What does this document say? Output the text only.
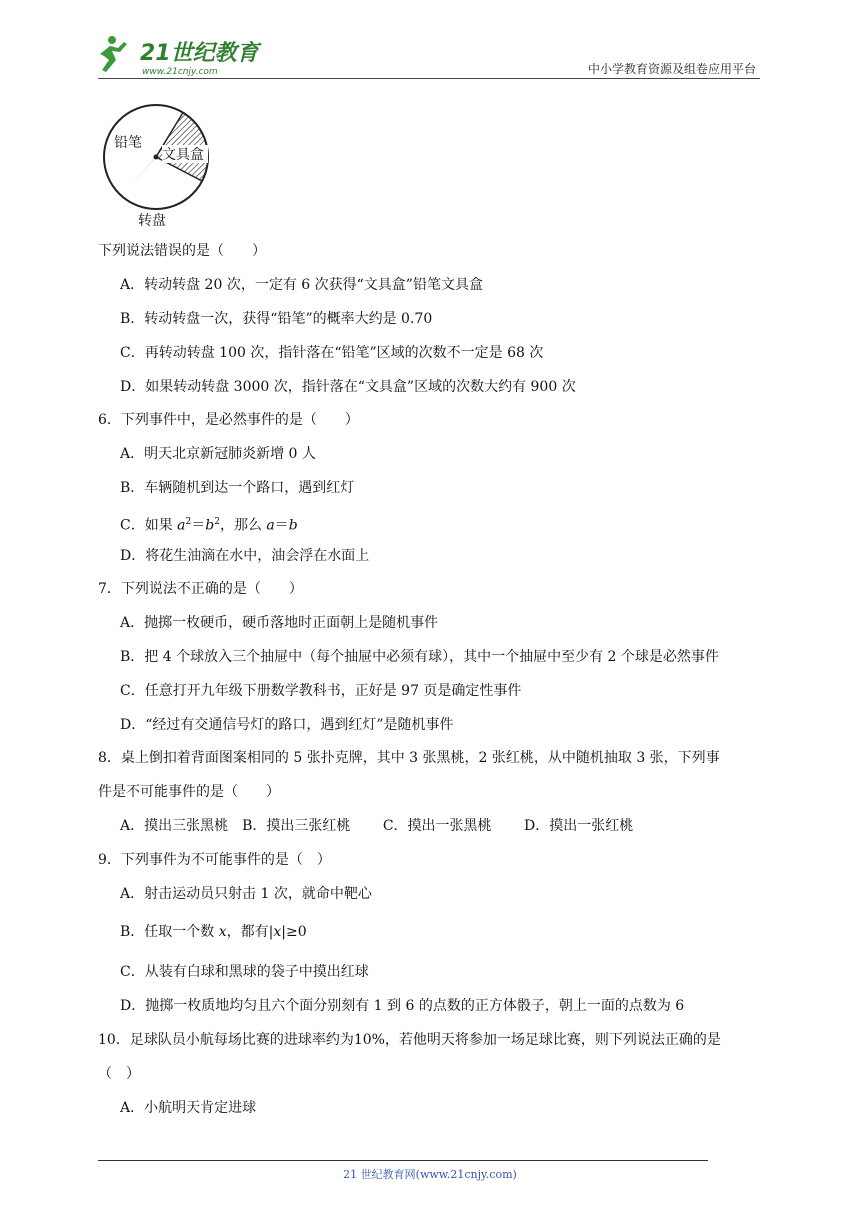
21世纪教育
www.21cnjy.com	中小学教育资源及组卷应用平台
铅笔
文具盒
转盘
下列说法错误的是（　　）
A．转动转盘 20 次，一定有 6 次获得“文具盒”铅笔文具盒
B．转动转盘一次，获得“铅笔”的概率大约是 0.70
C．再转动转盘 100 次，指针落在“铅笔”区域的次数不一定是 68 次
D．如果转动转盘 3000 次，指针落在“文具盒”区域的次数大约有 900 次
6．下列事件中，是必然事件的是（　　）
A．明天北京新冠肺炎新增 0 人
B．车辆随机到达一个路口，遇到红灯
D．将花生油滴在水中，油会浮在水面上
7．下列说法不正确的是（　　）
A．抛掷一枚硬币，硬币落地时正面朝上是随机事件
B．把 4 个球放入三个抽屉中（每个抽屉中必须有球），其中一个抽屉中至少有 2 个球是必然事件
C．任意打开九年级下册数学教科书，正好是 97 页是确定性事件
D．“经过有交通信号灯的路口，遇到红灯”是随机事件
8．桌上倒扣着背面图案相同的 5 张扑克牌，其中 3 张黑桃，2 张红桃，从中随机抽取 3 张，下列事
件是不可能事件的是（　　）
A．摸出三张黑桃　B．摸出三张红桃　　 C．摸出一张黑桃　　 D．摸出一张红桃
9．下列事件为不可能事件的是（　）
A．射击运动员只射击 1 次，就命中靶心
C．从装有白球和黑球的袋子中摸出红球
D．抛掷一枚质地均匀且六个面分别刻有 1 到 6 的点数的正方体骰子，朝上一面的点数为 6
10．足球队员小航每场比赛的进球率约为10%，若他明天将参加一场足球比赛，则下列说法正确的是
（　）
A．小航明天肯定进球
C．如果 $a^2=b^2$，那么 a＝b
B．任取一个数 x，都有|x|≥0
21 世纪教育网(www.21cnjy.com)
